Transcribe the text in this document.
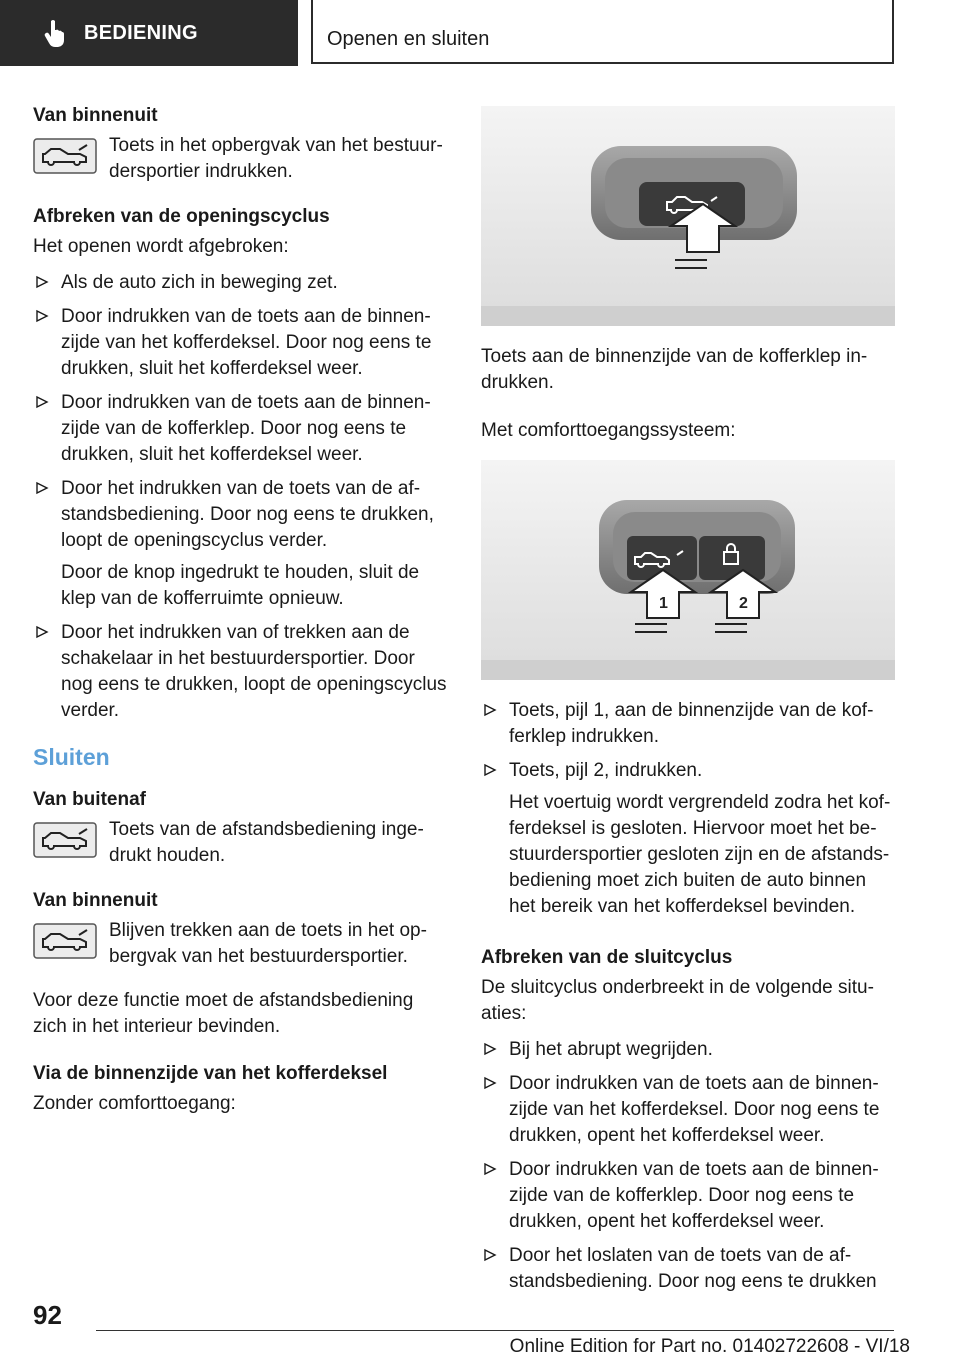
BEDIENING	Openen en sluiten
Van binnenuit

Toets in het opbergvak van het bestuurdersportier indrukken.

Afbreken van de openingscyclus

Het openen wordt afgebroken:

Als de auto zich in beweging zet.
Door indrukken van de toets aan de binnenzijde van het kofferdeksel. Door nog eens te drukken, sluit het kofferdeksel weer.
Door indrukken van de toets aan de binnenzijde van de kofferklep. Door nog eens te drukken, sluit het kofferdeksel weer.
Door het indrukken van de toets van de afstandsbediening. Door nog eens te drukken, loopt de openingscyclus verder.
Door de knop ingedrukt te houden, sluit de klep van de kofferruimte opnieuw.
Door het indrukken van of trekken aan de schakelaar in het bestuurdersportier. Door nog eens te drukken, loopt de openingscyclus verder.
Sluiten
Van buitenaf

Toets van de afstandsbediening ingedrukt houden.

Van binnenuit

Blijven trekken aan de toets in het opbergvak van het bestuurdersportier.

Voor deze functie moet de afstandsbediening zich in het interieur bevinden.

Via de binnenzijde van het kofferdeksel

Zonder comforttoegang:

Toets aan de binnenzijde van de kofferklep indrukken.

Met comforttoegangssysteem:

1	2
Toets, pijl 1, aan de binnenzijde van de kofferklep indrukken.
Toets, pijl 2, indrukken.
Het voertuig wordt vergrendeld zodra het kofferdeksel is gesloten. Hiervoor moet het bestuurdersportier gesloten zijn en de afstandsbediening moet zich buiten de auto binnen het bereik van het kofferdeksel bevinden.
Afbreken van de sluitcyclus

De sluitcyclus onderbreekt in de volgende situaties:

Bij het abrupt wegrijden.
Door indrukken van de toets aan de binnenzijde van het kofferdeksel. Door nog eens te drukken, opent het kofferdeksel weer.
Door indrukken van de toets aan de binnenzijde van de kofferklep. Door nog eens te drukken, opent het kofferdeksel weer.
Door het loslaten van de toets van de afstandsbediening. Door nog eens te drukken
92
Online Edition for Part no. 01402722608 - VI/18
